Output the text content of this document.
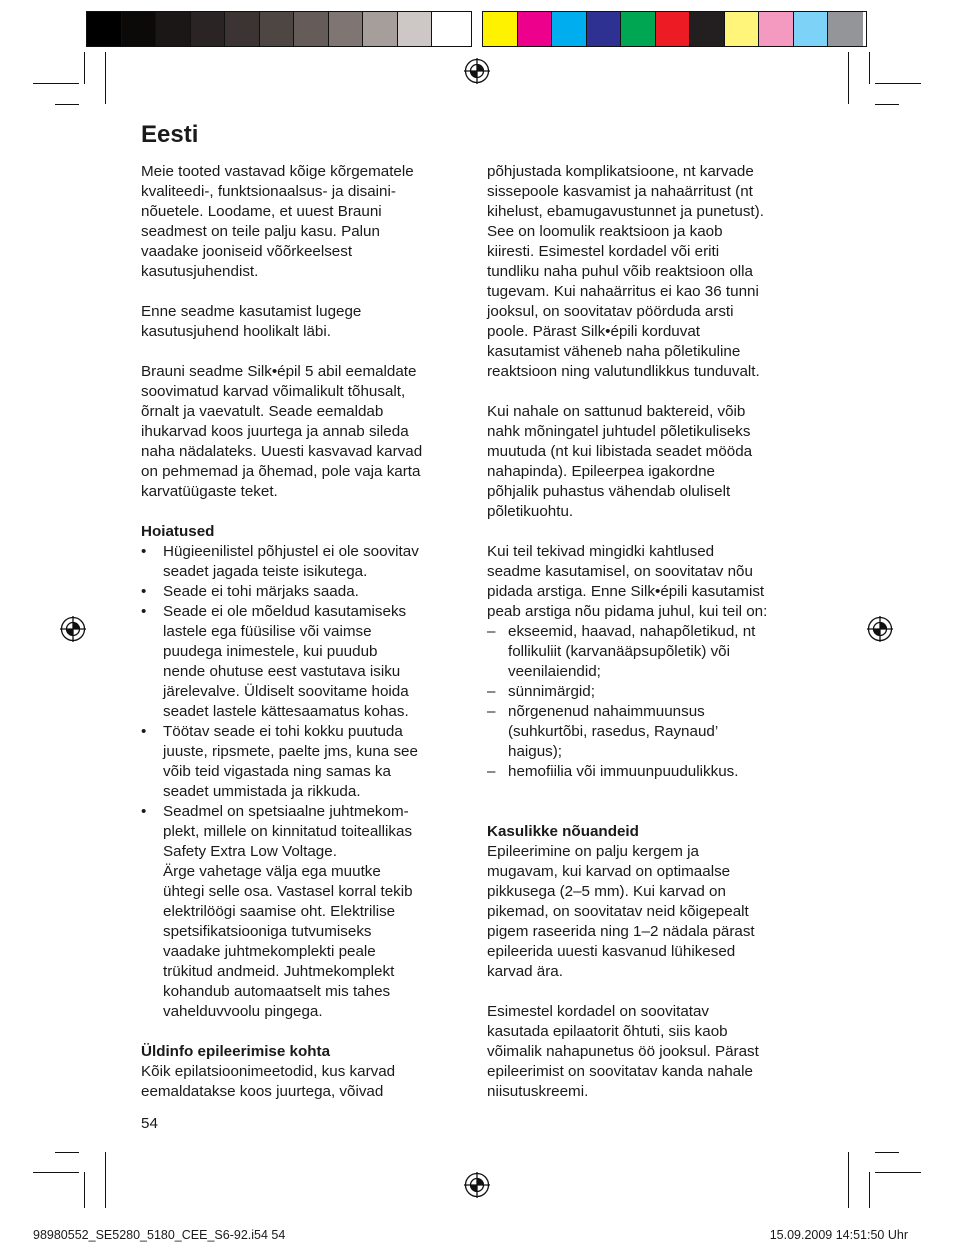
Eesti

Meie tooted vastavad kõige kõrgematele

kvaliteedi-, funktsionaalsus- ja disaini-

nõuetele. Loodame, et uuest Brauni

seadmest on teile palju kasu. Palun

vaadake jooniseid võõrkeelsest

kasutusjuhendist.

Enne seadme kasutamist lugege

kasutusjuhend hoolikalt läbi.

Brauni seadme Silk•épil 5 abil eemaldate

soovimatud karvad võimalikult tõhusalt,

õrnalt ja vaevatult. Seade eemaldab

ihukarvad koos juurtega ja annab sileda

naha nädalateks. Uuesti kasvavad karvad

on pehmemad ja õhemad, pole vaja karta

karvatüügaste teket.

Hoiatused

•	Hügieenilistel põhjustel ei ole soovitav

seadet jagada teiste isikutega.

•	Seade ei tohi märjaks saada.

•	Seade ei ole mõeldud kasutamiseks

lastele ega füüsilise või vaimse

puudega inimestele, kui puudub

nende ohutuse eest vastutava isiku

järelevalve. Üldiselt soovitame hoida

seadet lastele kättesaamatus kohas.

•	Töötav seade ei tohi kokku puutuda

juuste, ripsmete, paelte jms, kuna see

võib teid vigastada ning samas ka

seadet ummistada ja rikkuda.

•	Seadmel on spetsiaalne juhtmekom-

plekt, millele on kinnitatud toiteallikas

Safety Extra Low Voltage.

Ärge vahetage välja ega muutke

ühtegi selle osa. Vastasel korral tekib

elektrilöögi saamise oht. Elektrilise

spetsifikatsiooniga tutvumiseks

vaadake juhtmekomplekti peale

trükitud andmeid. Juhtmekomplekt

kohandub automaatselt mis tahes

vahelduvvoolu pingega.

Üldinfo epileerimise kohta

Kõik epilatsioonimeetodid, kus karvad

eemaldatakse koos juurtega, võivad

põhjustada komplikatsioone, nt karvade

sissepoole kasvamist ja nahaärritust (nt

kihelust, ebamugavustunnet ja punetust).

See on loomulik reaktsioon ja kaob

kiiresti. Esimestel kordadel või eriti

tundliku naha puhul võib reaktsioon olla

tugevam. Kui nahaärritus ei kao 36 tunni

jooksul, on soovitatav pöörduda arsti

poole. Pärast Silk•épili korduvat

kasutamist väheneb naha põletikuline

reaktsioon ning valutundlikkus tunduvalt.

Kui nahale on sattunud baktereid, võib

nahk mõningatel juhtudel põletikuliseks

muutuda (nt kui libistada seadet mööda

nahapinda). Epileerpea igakordne

põhjalik puhastus vähendab oluliselt

põletikuohtu.

Kui teil tekivad mingidki kahtlused

seadme kasutamisel, on soovitatav nõu

pidada arstiga. Enne Silk•épili kasutamist

peab arstiga nõu pidama juhul, kui teil on:

– ekseemid, haavad, nahapõletikud, nt

follikuliit (karvanääpsupõletik) või

veenilaiendid;

– sünnimärgid;

– nõrgenenud nahaimmuunsus

(suhkurtõbi, rasedus, Raynaud’

haigus);

– hemofiilia või immuunpuudulikkus.

Kasulikke nõuandeid

Epileerimine on palju kergem ja

mugavam, kui karvad on optimaalse

pikkusega (2–5 mm). Kui karvad on

pikemad, on soovitatav neid kõigepealt

pigem raseerida ning 1–2 nädala pärast

epileerida uuesti kasvanud lühikesed

karvad ära.

Esimestel kordadel on soovitatav

kasutada epilaatorit õhtuti, siis kaob

võimalik nahapunetus öö jooksul. Pärast

epileerimist on soovitatav kanda nahale

niisutuskreemi.

54
98980552_SE5280_5180_CEE_S6-92.i54 54	15.09.2009 14:51:50 Uhr
